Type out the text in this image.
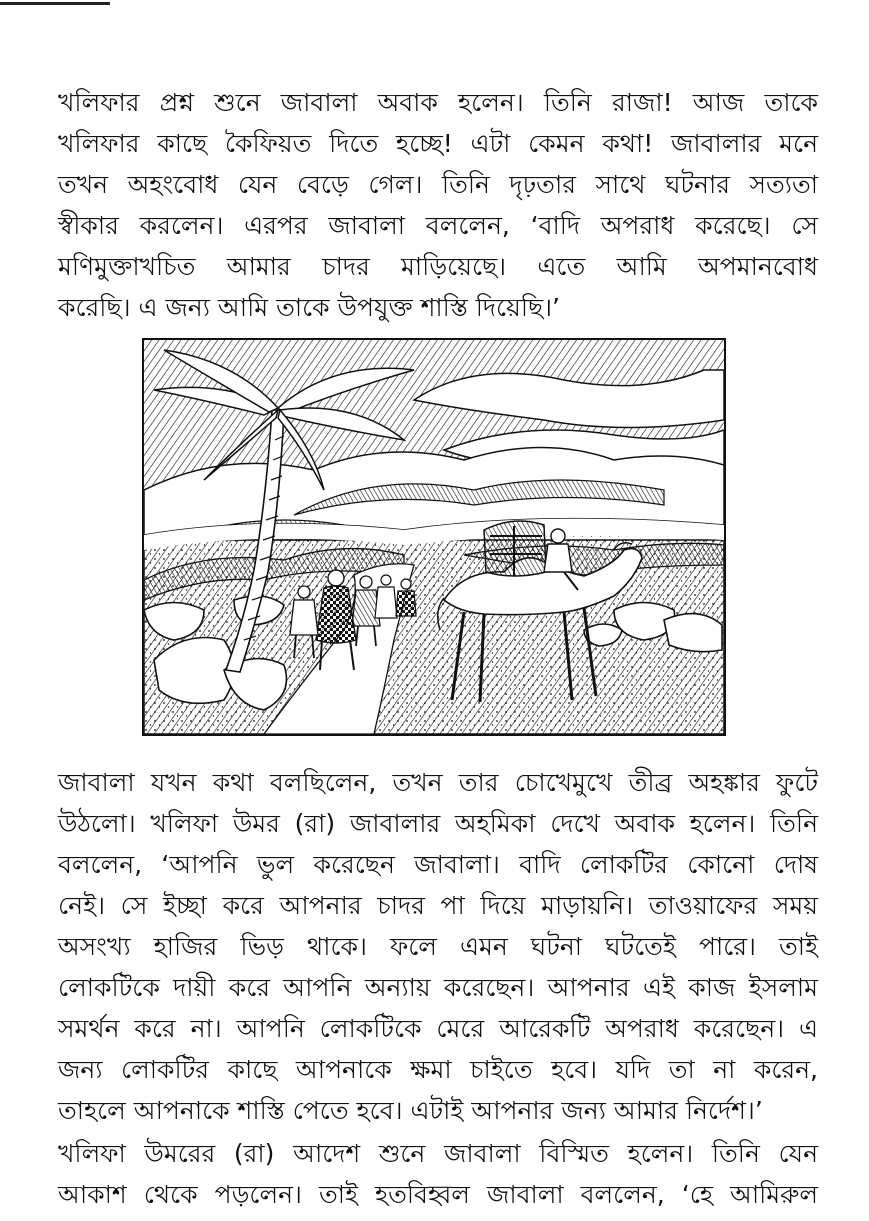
খলিফার প্রশ্ন শুনে জাবালা অবাক হলেন। তিনি রাজা! আজ তাকে
খলিফার কাছে কৈফিয়ত দিতে হচ্ছে! এটা কেমন কথা! জাবালার মনে
তখন অহংবোধ যেন বেড়ে গেল। তিনি দৃঢ়তার সাথে ঘটনার সত্যতা
স্বীকার করলেন। এরপর জাবালা বললেন, ‘বাদি অপরাধ করেছে। সে
মণিমুক্তাখচিত আমার চাদর মাড়িয়েছে। এতে আমি অপমানবোধ
করেছি। এ জন্য আমি তাকে উপযুক্ত শাস্তি দিয়েছি।’
জাবালা যখন কথা বলছিলেন, তখন তার চোখেমুখে তীব্র অহঙ্কার ফুটে
উঠলো। খলিফা উমর (রা) জাবালার অহমিকা দেখে অবাক হলেন। তিনি
বললেন, ‘আপনি ভুল করেছেন জাবালা। বাদি লোকটির কোনো দোষ
নেই। সে ইচ্ছা করে আপনার চাদর পা দিয়ে মাড়ায়নি। তাওয়াফের সময়
অসংখ্য হাজির ভিড় থাকে। ফলে এমন ঘটনা ঘটতেই পারে। তাই
লোকটিকে দায়ী করে আপনি অন্যায় করেছেন। আপনার এই কাজ ইসলাম
সমর্থন করে না। আপনি লোকটিকে মেরে আরেকটি অপরাধ করেছেন। এ
জন্য লোকটির কাছে আপনাকে ক্ষমা চাইতে হবে। যদি তা না করেন,
তাহলে আপনাকে শাস্তি পেতে হবে। এটাই আপনার জন্য আমার নির্দেশ।’
খলিফা উমরের (রা) আদেশ শুনে জাবালা বিস্মিত হলেন। তিনি যেন
আকাশ থেকে পড়লেন। তাই হতবিহ্বল জাবালা বললেন, ‘হে আমিরুল
